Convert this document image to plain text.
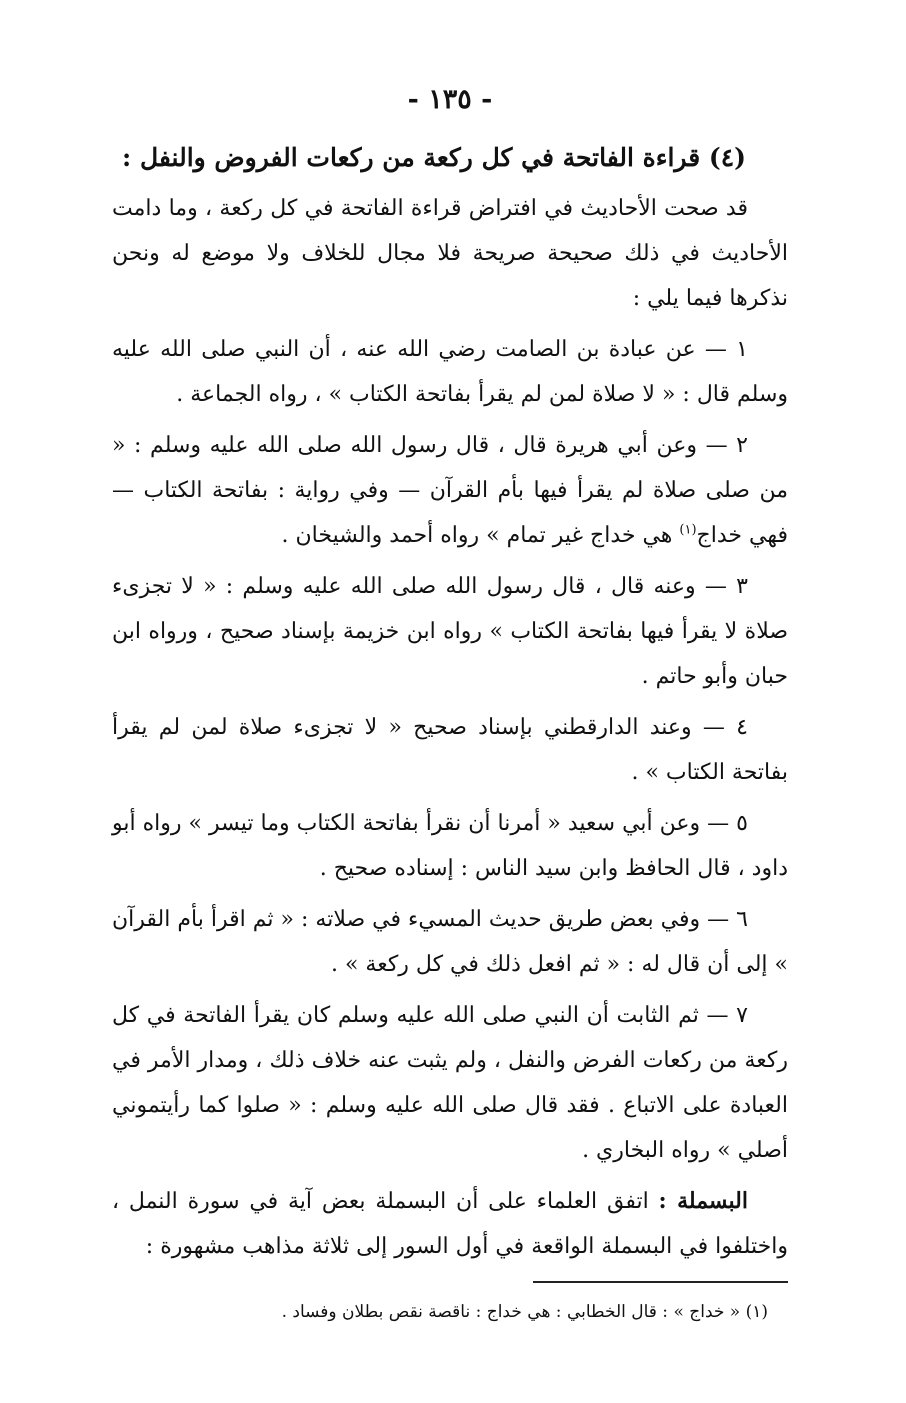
- ١٣٥ -
(٤) قراءة الفاتحة في كل ركعة من ركعات الفروض والنفل :

قد صحت الأحاديث في افتراض قراءة الفاتحة في كل ركعة ، وما دامت الأحاديث في ذلك صحيحة صريحة فلا مجال للخلاف ولا موضع له ونحن نذكرها فيما يلي :

١ — عن عبادة بن الصامت رضي الله عنه ، أن النبي صلى الله عليه وسلم قال : « لا صلاة لمن لم يقرأ بفاتحة الكتاب » ، رواه الجماعة .

٢ — وعن أبي هريرة قال ، قال رسول الله صلى الله عليه وسلم : « من صلى صلاة لم يقرأ فيها بأم القرآن — وفي رواية : بفاتحة الكتاب — فهي خداج$^{(١)}$ هي خداج غير تمام » رواه أحمد والشيخان .

٣ — وعنه قال ، قال رسول الله صلى الله عليه وسلم : « لا تجزىء صلاة لا يقرأ فيها بفاتحة الكتاب » رواه ابن خزيمة بإسناد صحيح ، ورواه ابن حبان وأبو حاتم .

٤ — وعند الدارقطني بإسناد صحيح « لا تجزىء صلاة لمن لم يقرأ بفاتحة الكتاب » .

٥ — وعن أبي سعيد « أمرنا أن نقرأ بفاتحة الكتاب وما تيسر » رواه أبو داود ، قال الحافظ وابن سيد الناس : إسناده صحيح .

٦ — وفي بعض طريق حديث المسيء في صلاته : « ثم اقرأ بأم القرآن » إلى أن قال له : « ثم افعل ذلك في كل ركعة » .

٧ — ثم الثابت أن النبي صلى الله عليه وسلم كان يقرأ الفاتحة في كل ركعة من ركعات الفرض والنفل ، ولم يثبت عنه خلاف ذلك ، ومدار الأمر في العبادة على الاتباع . فقد قال صلى الله عليه وسلم : « صلوا كما رأيتموني أصلي » رواه البخاري .

البسملة : اتفق العلماء على أن البسملة بعض آية في سورة النمل ، واختلفوا في البسملة الواقعة في أول السور إلى ثلاثة مذاهب مشهورة :

(١) « خداج » : قال الخطابي : هي خداج : ناقصة نقص بطلان وفساد .
